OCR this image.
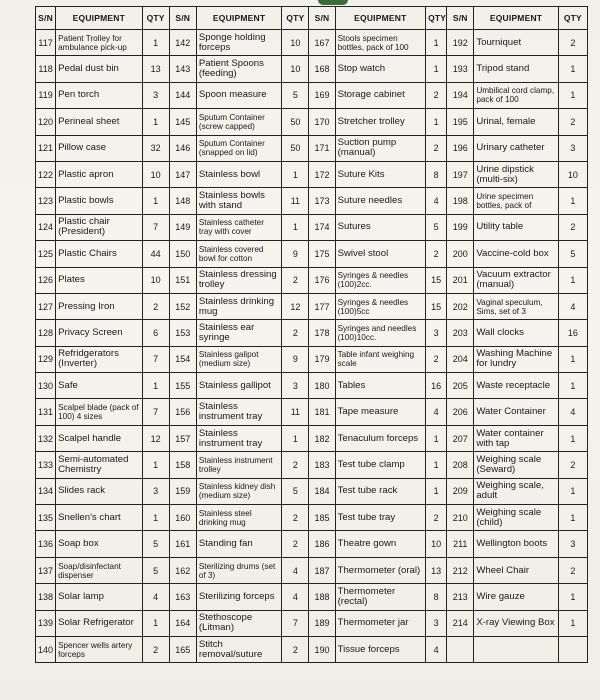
S/N	EQUIPMENT	QTY	S/N	EQUIPMENT	QTY	S/N	EQUIPMENT	QTY	S/N	EQUIPMENT	QTY
117	Patient Trolley for ambulance pick-up	1	142	Sponge holding forceps	10	167	Stools specimen bottles, pack of 100	1	192	Tourniquet	2
118	Pedal dust bin	13	143	Patient Spoons (feeding)	10	168	Stop watch	1	193	Tripod stand	1
119	Pen torch	3	144	Spoon measure	5	169	Storage cabinet	2	194	Umbilical cord clamp, pack of 100	1
120	Perineal sheet	1	145	Sputum Container (screw capped)	50	170	Stretcher trolley	1	195	Urinal, female	2
121	Pillow case	32	146	Sputum Container (snapped on lid)	50	171	Suction pump (manual)	2	196	Urinary catheter	3
122	Plastic apron	10	147	Stainless bowl	1	172	Suture Kits	8	197	Urine dipstick (multi-six)	10
123	Plastic bowls	1	148	Stainless bowls with stand	11	173	Suture needles	4	198	Urine specimen bottles, pack of	1
124	Plastic chair (President)	7	149	Stainless catheter tray with cover	1	174	Sutures	5	199	Utility table	2
125	Plastic Chairs	44	150	Stainless covered bowl for cotton	9	175	Swivel stool	2	200	Vaccine-cold box	5
126	Plates	10	151	Stainless dressing trolley	2	176	Syringes & needles (100)2cc.	15	201	Vacuum extractor (manual)	1
127	Pressing Iron	2	152	Stainless drinking mug	12	177	Syringes & needles (100)5cc	15	202	Vaginal speculum, Sims, set of 3	4
128	Privacy Screen	6	153	Stainless ear syringe	2	178	Syringes and needles (100)10cc.	3	203	Wall clocks	16
129	Refridgerators (Inverter)	7	154	Stainless galipot (medium size)	9	179	Table infant weighing scale	2	204	Washing Machine for lundry	1
130	Safe	1	155	Stainless gallipot	3	180	Tables	16	205	Waste receptacle	1
131	Scalpel blade (pack of 100) 4 sizes	7	156	Stainless instrument tray	11	181	Tape measure	4	206	Water Container	4
132	Scalpel handle	12	157	Stainless instrument tray	1	182	Tenaculum forceps	1	207	Water container with tap	1
133	Semi-automated Chemistry	1	158	Stainless instrument trolley	2	183	Test tube clamp	1	208	Weighing scale (Seward)	2
134	Slides rack	3	159	Stainless kidney dish (medium size)	5	184	Test tube rack	1	209	Weighing scale, adult	1
135	Snellen's chart	1	160	Stainless steel drinking mug	2	185	Test tube tray	2	210	Weighing scale (child)	1
136	Soap box	5	161	Standing fan	2	186	Theatre gown	10	211	Wellington boots	3
137	Soap/disinfectant dispenser	5	162	Sterilizing drums (set of 3)	4	187	Thermometer (oral)	13	212	Wheel Chair	2
138	Solar lamp	4	163	Sterilizing forceps	4	188	Thermometer (rectal)	8	213	Wire gauze	1
139	Solar Refrigerator	1	164	Stethoscope (Litman)	7	189	Thermometer jar	3	214	X-ray Viewing Box	1
140	Spencer wells artery forceps	2	165	Stitch removal/suture	2	190	Tissue forceps	4			
